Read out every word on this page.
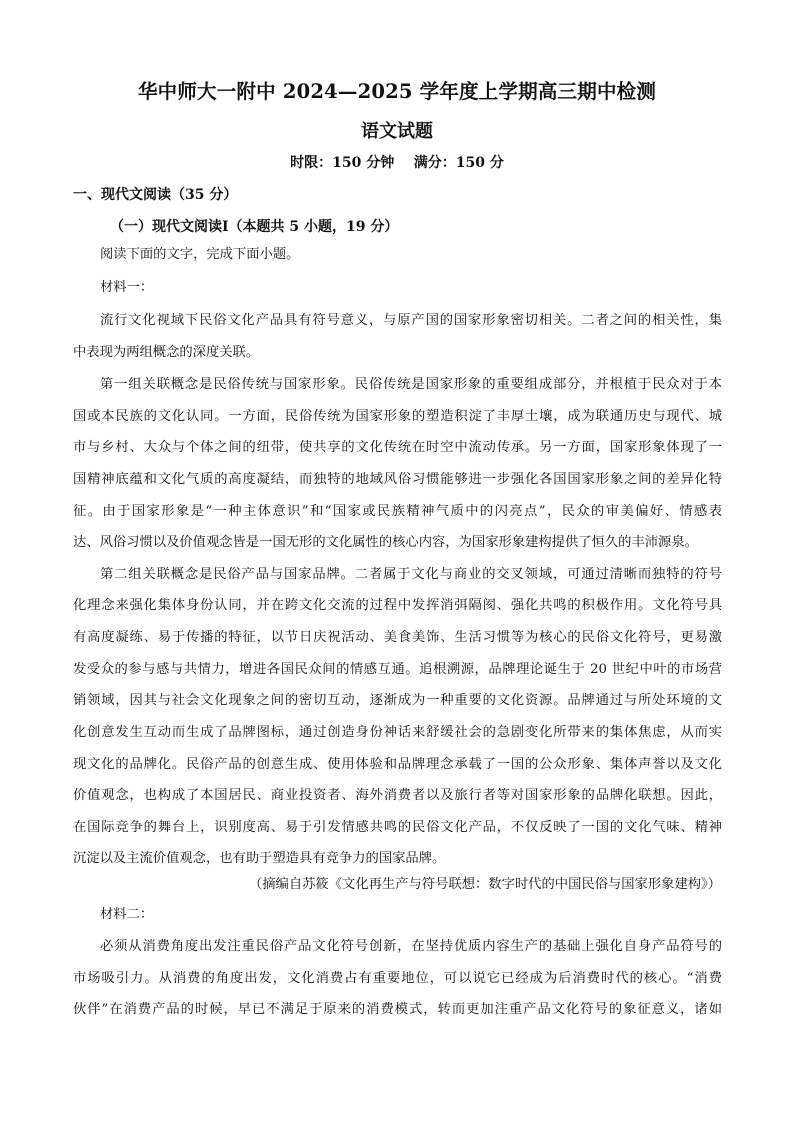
华中师大一附中 2024—2025 学年度上学期高三期中检测
语文试题
时限：150 分钟    满分：150 分
一、现代文阅读（35 分）
（一）现代文阅读Ⅰ（本题共 5 小题，19 分）
阅读下面的文字，完成下面小题。
材料一：
流行文化视域下民俗文化产品具有符号意义，与原产国的国家形象密切相关。二者之间的相关性，集
中表现为两组概念的深度关联。
第一组关联概念是民俗传统与国家形象。民俗传统是国家形象的重要组成部分，并根植于民众对于本
国或本民族的文化认同。一方面，民俗传统为国家形象的塑造积淀了丰厚土壤，成为联通历史与现代、城
市与乡村、大众与个体之间的纽带，使共享的文化传统在时空中流动传承。另一方面，国家形象体现了一
国精神底蕴和文化气质的高度凝结，而独特的地域风俗习惯能够进一步强化各国国家形象之间的差异化特
征。由于国家形象是“一种主体意识”和“国家或民族精神气质中的闪亮点”，民众的审美偏好、情感表
达、风俗习惯以及价值观念皆是一国无形的文化属性的核心内容，为国家形象建构提供了恒久的丰沛源泉。
第二组关联概念是民俗产品与国家品牌。二者属于文化与商业的交叉领域，可通过清晰而独特的符号
化理念来强化集体身份认同，并在跨文化交流的过程中发挥消弭隔阂、强化共鸣的积极作用。文化符号具
有高度凝练、易于传播的特征，以节日庆祝活动、美食美饰、生活习惯等为核心的民俗文化符号，更易激
发受众的参与感与共情力，增进各国民众间的情感互通。追根溯源，品牌理论诞生于 20 世纪中叶的市场营
销领域，因其与社会文化现象之间的密切互动，逐渐成为一种重要的文化资源。品牌通过与所处环境的文
化创意发生互动而生成了品牌图标，通过创造身份神话来舒缓社会的急剧变化所带来的集体焦虑，从而实
现文化的品牌化。民俗产品的创意生成、使用体验和品牌理念承载了一国的公众形象、集体声誉以及文化
价值观念，也构成了本国居民、商业投资者、海外消费者以及旅行者等对国家形象的品牌化联想。因此，
在国际竞争的舞台上，识别度高、易于引发情感共鸣的民俗文化产品，不仅反映了一国的文化气味、精神
沉淀以及主流价值观念，也有助于塑造具有竞争力的国家品牌。
（摘编自苏筱《文化再生产与符号联想：数字时代的中国民俗与国家形象建构》）
材料二：
必须从消费角度出发注重民俗产品文化符号创新，在坚持优质内容生产的基础上强化自身产品符号的
市场吸引力。从消费的角度出发，文化消费占有重要地位，可以说它已经成为后消费时代的核心。“消费
伙伴”在消费产品的时候，早已不满足于原来的消费模式，转而更加注重产品文化符号的象征意义，诸如
